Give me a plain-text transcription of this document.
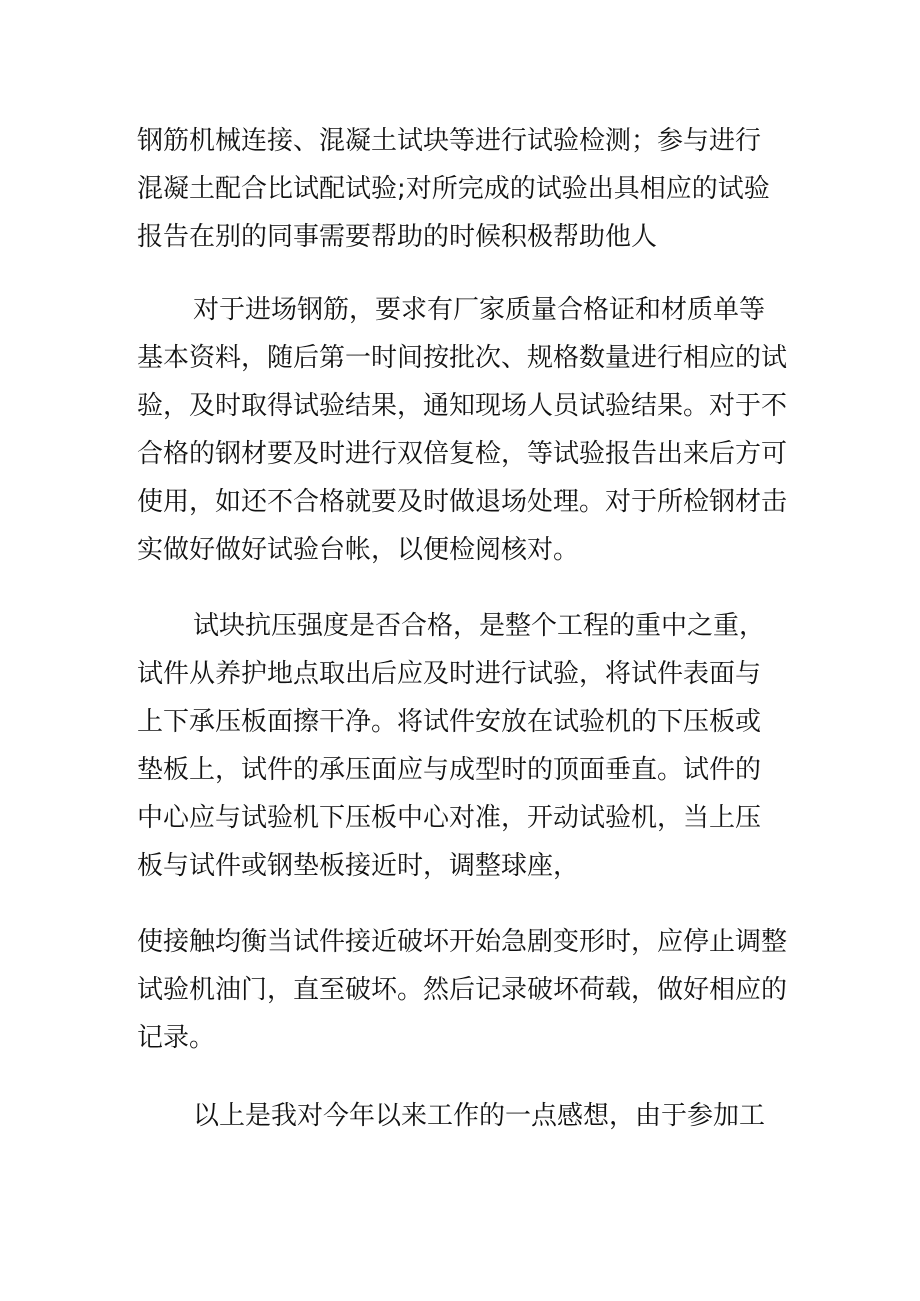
钢筋机械连接、混凝土试块等进行试验检测；参与进行
混凝土配合比试配试验;对所完成的试验出具相应的试验
报告在别的同事需要帮助的时候积极帮助他人
对于进场钢筋，要求有厂家质量合格证和材质单等
基本资料，随后第一时间按批次、规格数量进行相应的试
验，及时取得试验结果，通知现场人员试验结果。对于不
合格的钢材要及时进行双倍复检，等试验报告出来后方可
使用，如还不合格就要及时做退场处理。对于所检钢材击
实做好做好试验台帐，以便检阅核对。
试块抗压强度是否合格，是整个工程的重中之重，
试件从养护地点取出后应及时进行试验，将试件表面与
上下承压板面擦干净。将试件安放在试验机的下压板或
垫板上，试件的承压面应与成型时的顶面垂直。试件的
中心应与试验机下压板中心对准，开动试验机，当上压
板与试件或钢垫板接近时，调整球座，
使接触均衡当试件接近破坏开始急剧变形时，应停止调整
试验机油门，直至破坏。然后记录破坏荷载，做好相应的
记录。
以上是我对今年以来工作的一点感想，由于参加工
